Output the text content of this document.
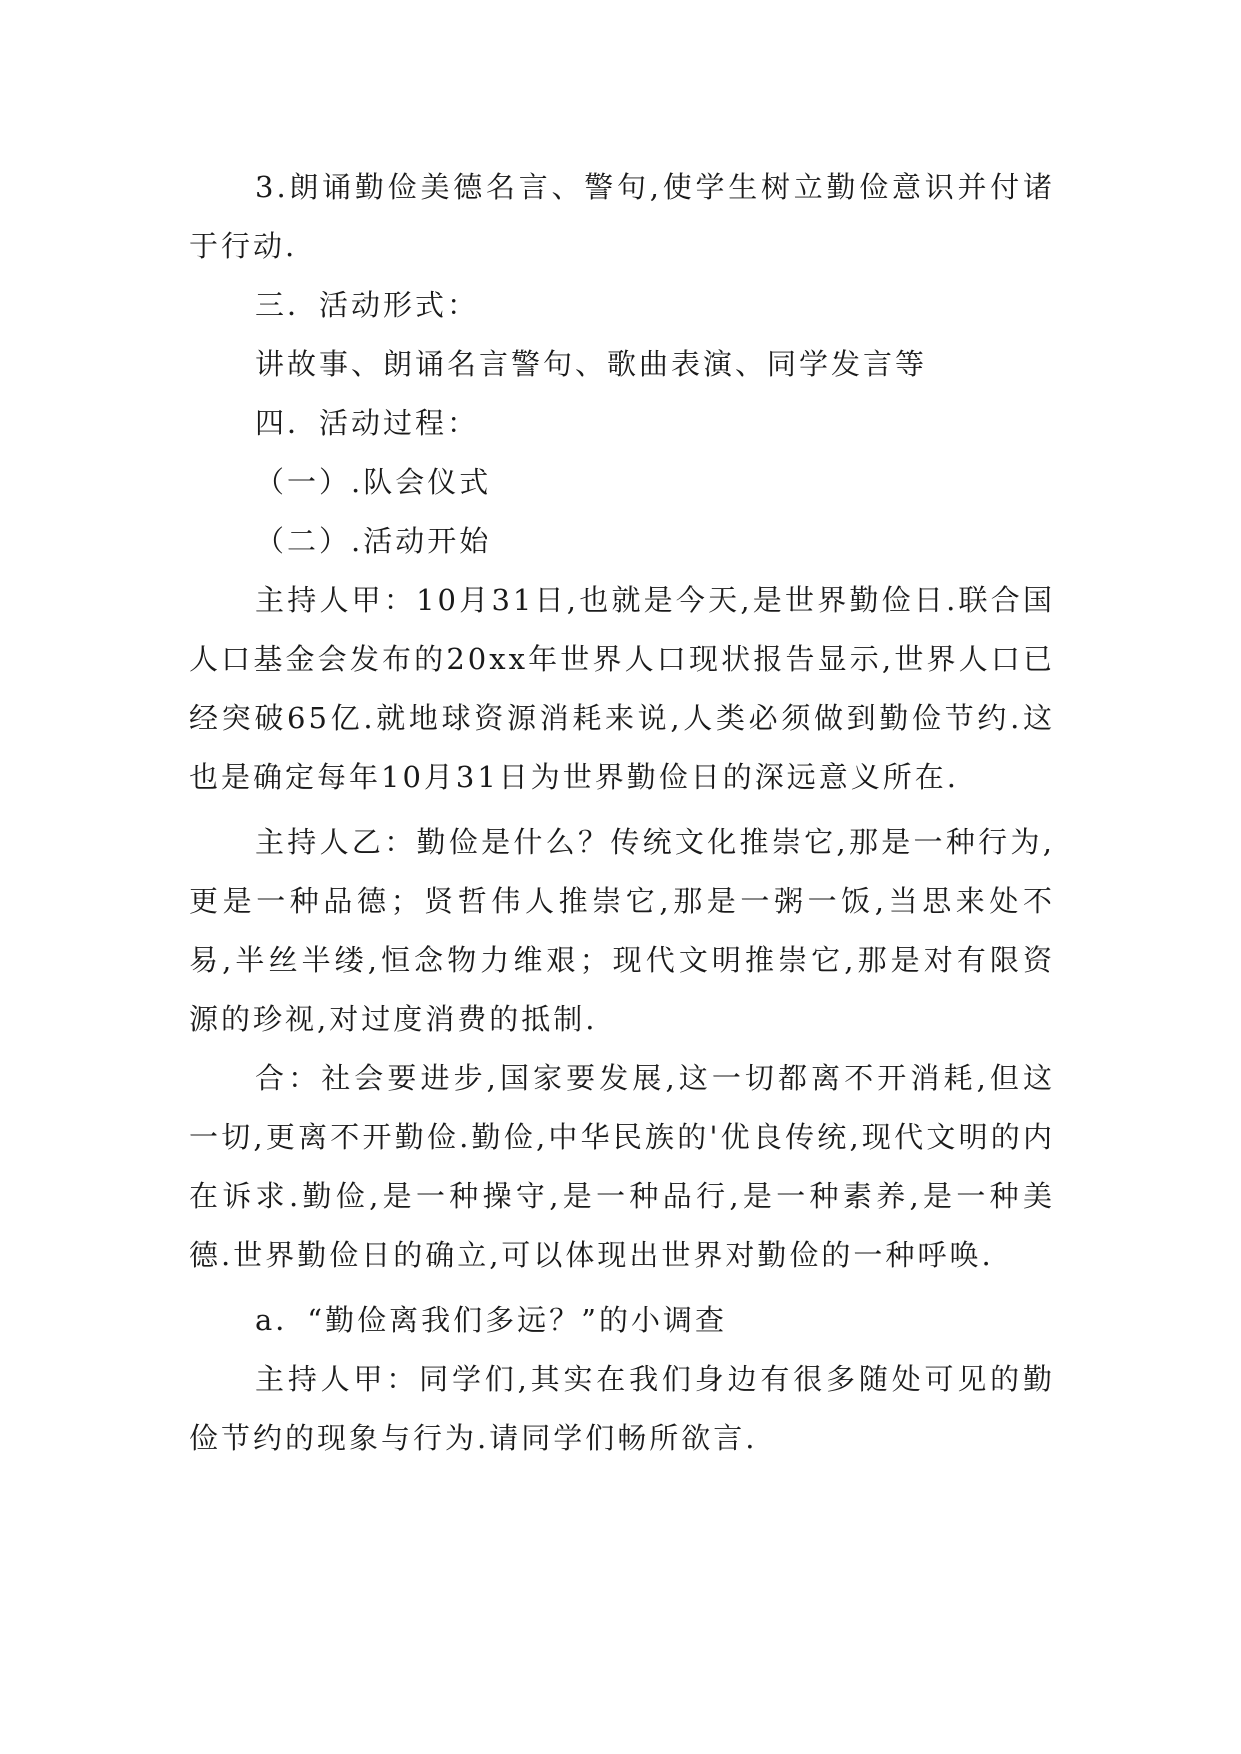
3.朗诵勤俭美德名言、警句,使学生树立勤俭意识并付诸于行动.

三．活动形式：

讲故事、朗诵名言警句、歌曲表演、同学发言等

四．活动过程：

（一）.队会仪式

（二）.活动开始

主持人甲：10月31日,也就是今天,是世界勤俭日.联合国人口基金会发布的20xx年世界人口现状报告显示,世界人口已经突破65亿.就地球资源消耗来说,人类必须做到勤俭节约.这也是确定每年10月31日为世界勤俭日的深远意义所在.

主持人乙：勤俭是什么？传统文化推崇它,那是一种行为,更是一种品德；贤哲伟人推崇它,那是一粥一饭,当思来处不易,半丝半缕,恒念物力维艰；现代文明推崇它,那是对有限资源的珍视,对过度消费的抵制.

合：社会要进步,国家要发展,这一切都离不开消耗,但这一切,更离不开勤俭.勤俭,中华民族的'优良传统,现代文明的内在诉求.勤俭,是一种操守,是一种品行,是一种素养,是一种美德.世界勤俭日的确立,可以体现出世界对勤俭的一种呼唤.

a．“勤俭离我们多远？”的小调查

主持人甲：同学们,其实在我们身边有很多随处可见的勤俭节约的现象与行为.请同学们畅所欲言.
